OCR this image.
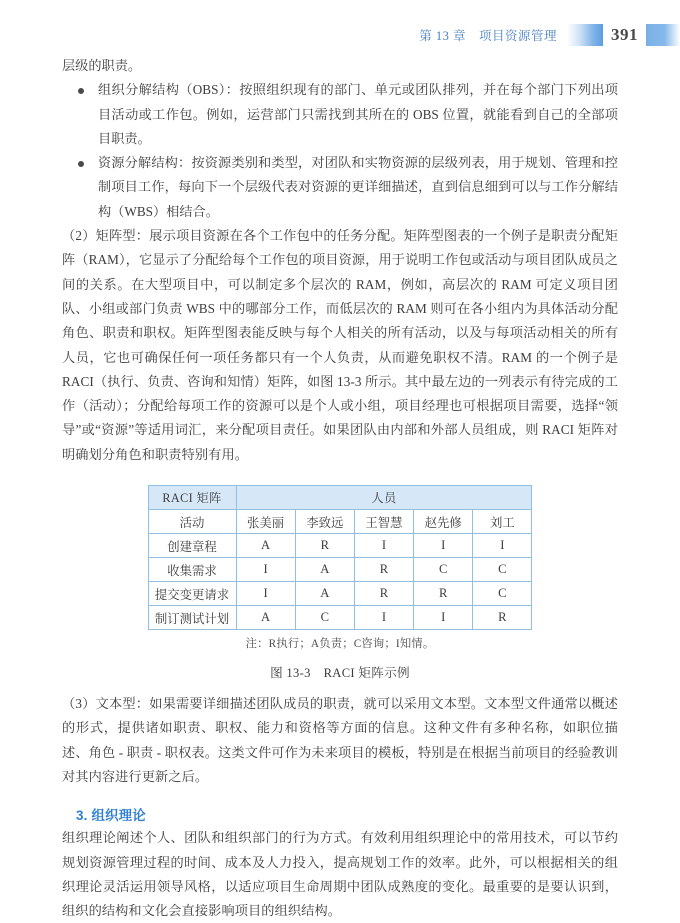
第 13 章　项目资源管理	391
层级的职责。
组织分解结构（OBS）：按照组织现有的部门、单元或团队排列，并在每个部门下列出项目活动或工作包。例如，运营部门只需找到其所在的 OBS 位置，就能看到自己的全部项目职责。
资源分解结构：按资源类别和类型，对团队和实物资源的层级列表，用于规划、管理和控制项目工作，每向下一个层级代表对资源的更详细描述，直到信息细到可以与工作分解结构（WBS）相结合。

（2）矩阵型：展示项目资源在各个工作包中的任务分配。矩阵型图表的一个例子是职责分配矩阵（RAM），它显示了分配给每个工作包的项目资源，用于说明工作包或活动与项目团队成员之间的关系。在大型项目中，可以制定多个层次的 RAM，例如，高层次的 RAM 可定义项目团队、小组或部门负责 WBS 中的哪部分工作，而低层次的 RAM 则可在各小组内为具体活动分配角色、职责和职权。矩阵型图表能反映与每个人相关的所有活动，以及与每项活动相关的所有人员，它也可确保任何一项任务都只有一个人负责，从而避免职权不清。RAM 的一个例子是 RACI（执行、负责、咨询和知情）矩阵，如图 13-3 所示。其中最左边的一列表示有待完成的工作（活动）；分配给每项工作的资源可以是个人或小组，项目经理也可根据项目需要，选择“领导”或“资源”等适用词汇，来分配项目责任。如果团队由内部和外部人员组成，则 RACI 矩阵对明确划分角色和职责特别有用。

RACI 矩阵	人员				
活动	张美丽	李致远	王智慧	赵先修	刘工
创建章程	A	R	I	I	I
收集需求	I	A	R	C	C
提交变更请求	I	A	R	R	C
制订测试计划	A	C	I	I	R
注：R执行；A负责；C咨询；I知情。
图 13-3　RACI 矩阵示例

（3）文本型：如果需要详细描述团队成员的职责，就可以采用文本型。文本型文件通常以概述的形式，提供诸如职责、职权、能力和资格等方面的信息。这种文件有多种名称，如职位描述、角色 - 职责 - 职权表。这类文件可作为未来项目的模板，特别是在根据当前项目的经验教训对其内容进行更新之后。

3. 组织理论

组织理论阐述个人、团队和组织部门的行为方式。有效利用组织理论中的常用技术，可以节约规划资源管理过程的时间、成本及人力投入，提高规划工作的效率。此外，可以根据相关的组织理论灵活运用领导风格，以适应项目生命周期中团队成熟度的变化。最重要的是要认识到，组织的结构和文化会直接影响项目的组织结构。
